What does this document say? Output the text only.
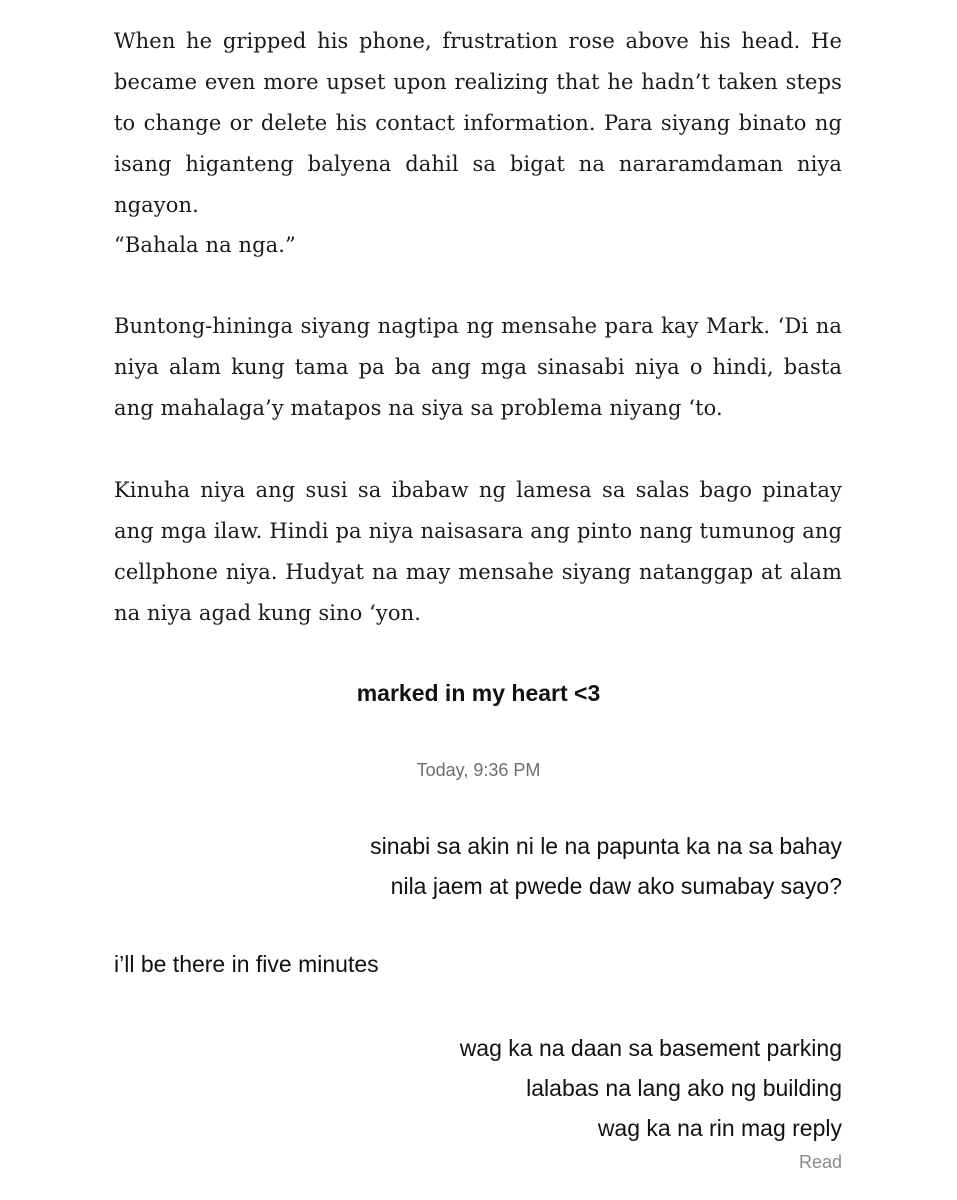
When he gripped his phone, frustration rose above his head. He became even more upset upon realizing that he hadn’t taken steps to change or delete his contact information. Para siyang binato ng isang higanteng balyena dahil sa bigat na nararamdaman niya ngayon.

“Bahala na nga.”

Buntong-hininga siyang nagtipa ng mensahe para kay Mark. ‘Di na niya alam kung tama pa ba ang mga sinasabi niya o hindi, basta ang mahalaga’y matapos na siya sa problema niyang ‘to.

Kinuha niya ang susi sa ibabaw ng lamesa sa salas bago pinatay ang mga ilaw. Hindi pa niya naisasara ang pinto nang tumunog ang cellphone niya. Hudyat na may mensahe siyang natanggap at alam na niya agad kung sino ‘yon.

marked in my heart <3
Today, 9:36 PM
sinabi sa akin ni le na papunta ka na sa bahay
nila jaem at pwede daw ako sumabay sayo?
i’ll be there in five minutes
wag ka na daan sa basement parking
lalabas na lang ako ng building
wag ka na rin mag reply
Read
